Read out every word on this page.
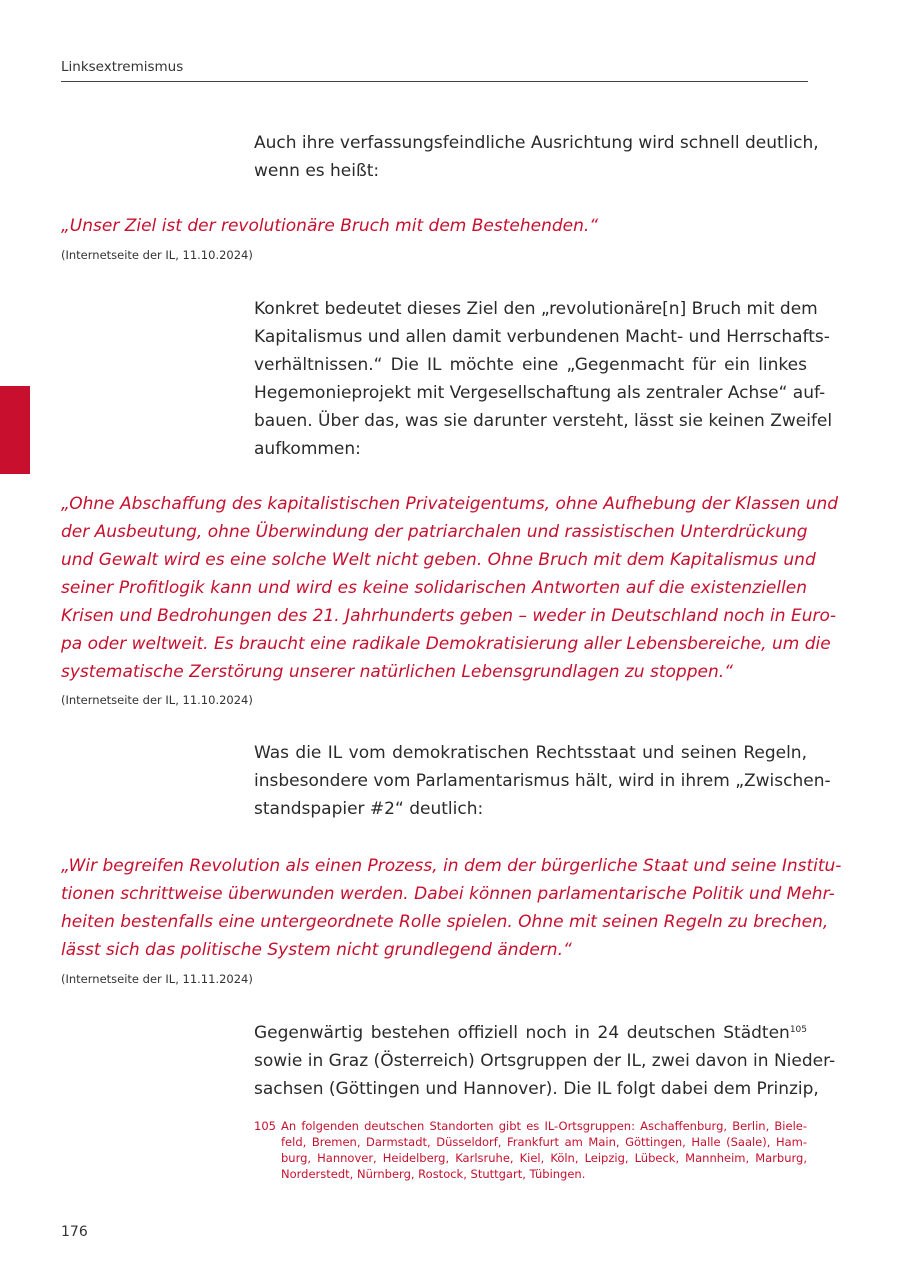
Linksextremismus
Auch ihre verfassungsfeindliche Ausrichtung wird schnell deutlich,
wenn es heißt:
„Unser Ziel ist der revolutionäre Bruch mit dem Bestehenden.“
(Internetseite der IL, 11.10.2024)
Konkret bedeutet dieses Ziel den „revolutionäre[n] Bruch mit dem
Kapitalismus und allen damit verbundenen Macht- und Herrschafts-
verhältnissen.“ Die IL möchte eine „Gegenmacht für ein linkes
Hegemonieprojekt mit Vergesellschaftung als zentraler Achse“ auf-
bauen. Über das, was sie darunter versteht, lässt sie keinen Zweifel
aufkommen:
„Ohne Abschaffung des kapitalistischen Privateigentums, ohne Aufhebung der Klassen und
der Ausbeutung, ohne Überwindung der patriarchalen und rassistischen Unterdrückung
und Gewalt wird es eine solche Welt nicht geben. Ohne Bruch mit dem Kapitalismus und
seiner Profitlogik kann und wird es keine solidarischen Antworten auf die existenziellen
Krisen und Bedrohungen des 21. Jahrhunderts geben – weder in Deutschland noch in Euro-
pa oder weltweit. Es braucht eine radikale Demokratisierung aller Lebensbereiche, um die
systematische Zerstörung unserer natürlichen Lebensgrundlagen zu stoppen.“
(Internetseite der IL, 11.10.2024)
Was die IL vom demokratischen Rechtsstaat und seinen Regeln,
insbesondere vom Parlamentarismus hält, wird in ihrem „Zwischen-
standspapier #2“ deutlich:
„Wir begreifen Revolution als einen Prozess, in dem der bürgerliche Staat und seine Institu-
tionen schrittweise überwunden werden. Dabei können parlamentarische Politik und Mehr-
heiten bestenfalls eine untergeordnete Rolle spielen. Ohne mit seinen Regeln zu brechen,
lässt sich das politische System nicht grundlegend ändern.“
(Internetseite der IL, 11.11.2024)
Gegenwärtig bestehen offiziell noch in 24 deutschen Städten$^{105}$
sowie in Graz (Österreich) Ortsgruppen der IL, zwei davon in Nieder-
sachsen (Göttingen und Hannover). Die IL folgt dabei dem Prinzip,
105 An folgenden deutschen Standorten gibt es IL-Ortsgruppen: Aschaffenburg, Berlin, Biele-
feld, Bremen, Darmstadt, Düsseldorf, Frankfurt am Main, Göttingen, Halle (Saale), Ham-
burg, Hannover, Heidelberg, Karlsruhe, Kiel, Köln, Leipzig, Lübeck, Mannheim, Marburg,
Norderstedt, Nürnberg, Rostock, Stuttgart, Tübingen.
176
